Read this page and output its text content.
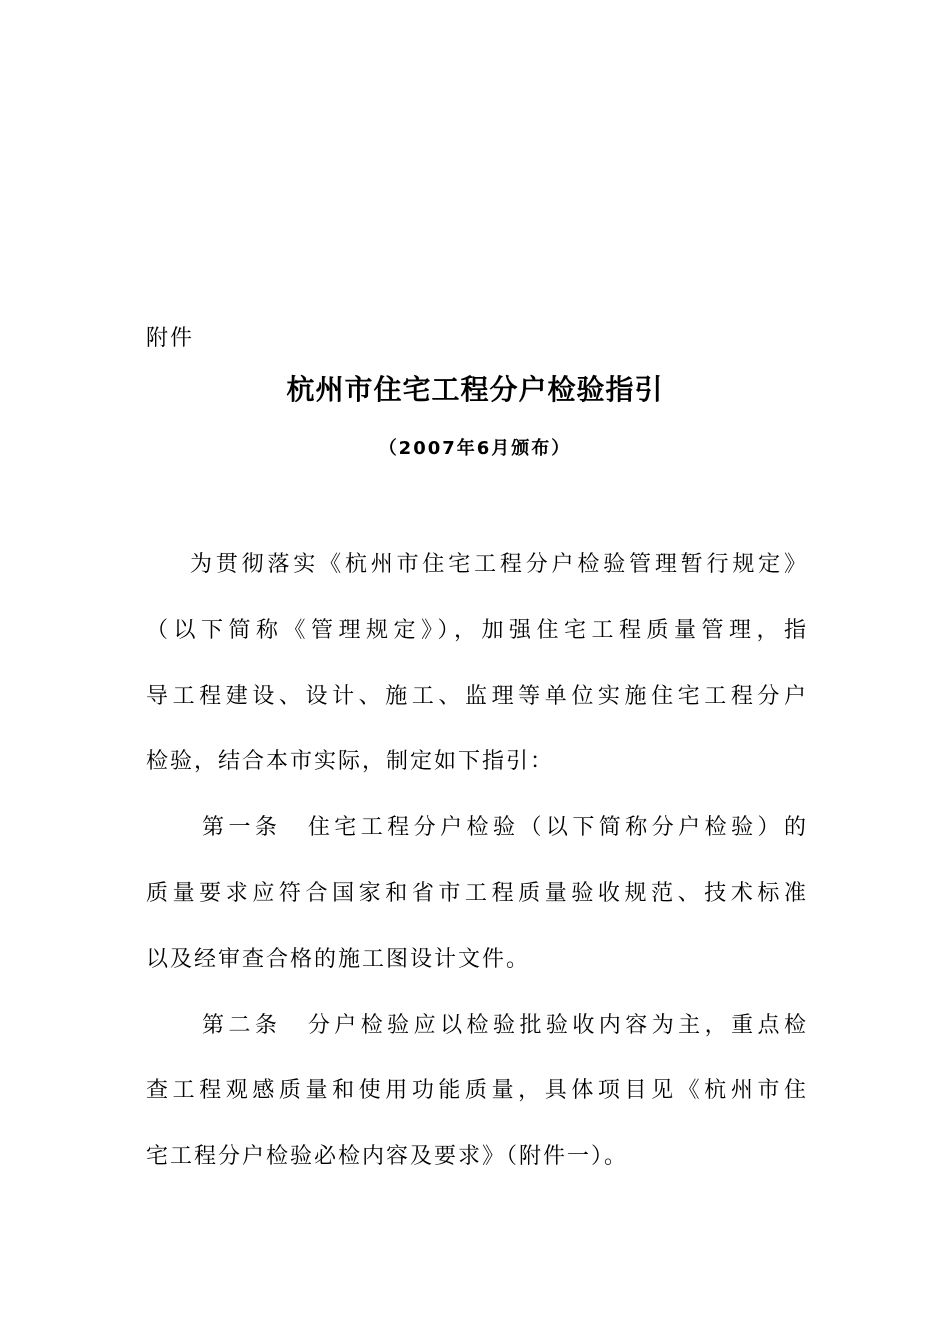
附件
杭州市住宅工程分户检验指引
（2007年6月颁布）
为贯彻落实《杭州市住宅工程分户检验管理暂行规定》
（以下简称《管理规定》），加强住宅工程质量管理，指
导工程建设、设计、施工、监理等单位实施住宅工程分户
检验，结合本市实际，制定如下指引：
第一条　住宅工程分户检验（以下简称分户检验）的
质量要求应符合国家和省市工程质量验收规范、技术标准
以及经审查合格的施工图设计文件。
第二条　分户检验应以检验批验收内容为主，重点检
查工程观感质量和使用功能质量，具体项目见《杭州市住
宅工程分户检验必检内容及要求》（附件一）。
